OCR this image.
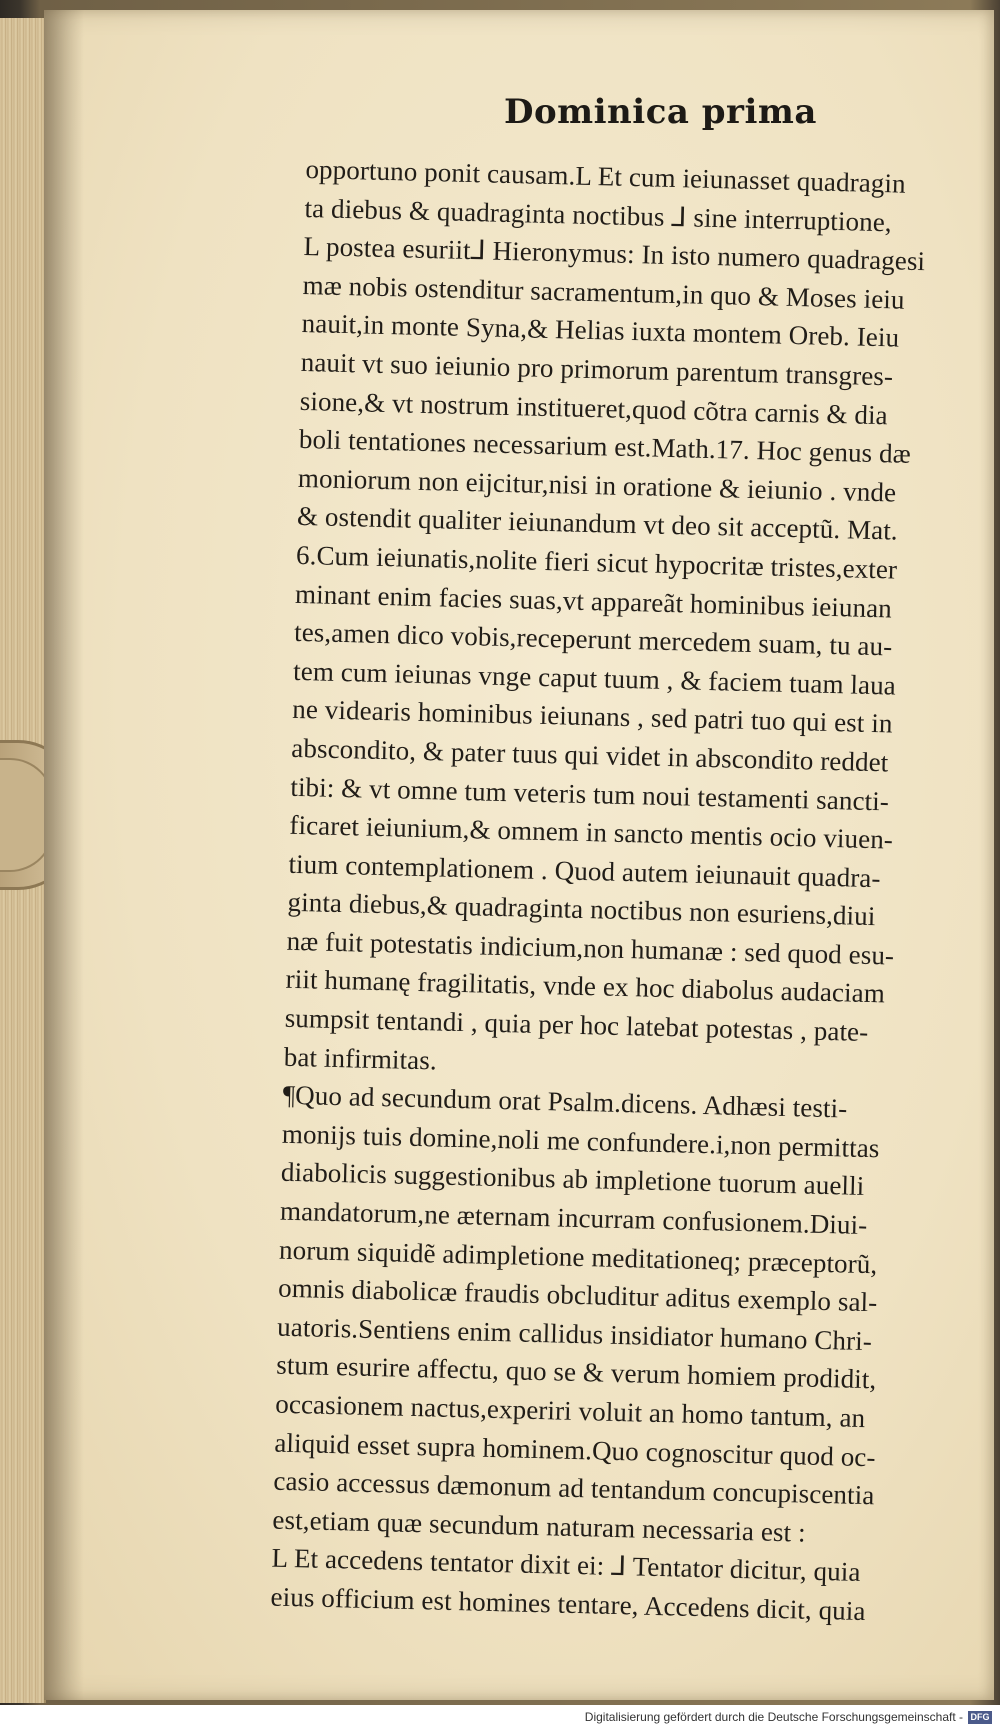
Dominica prima
opportuno ponit causam.L Et cum ieiunasset quadragin
ta diebus & quadraginta noctibus ⅃ sine interruptione,
L postea esuriit⅃ Hieronymus: In isto numero quadragesi
mæ nobis ostenditur sacramentum,in quo & Moses ieiu
nauit,in monte Syna,& Helias iuxta montem Oreb. Ieiu
nauit vt suo ieiunio pro primorum parentum transgres-
sione,& vt nostrum institueret,quod cõtra carnis & dia
boli tentationes necessarium est.Math.17. Hoc genus dæ
moniorum non eijcitur,nisi in oratione & ieiunio . vnde
& ostendit qualiter ieiunandum vt deo sit acceptũ. Mat.
6.Cum ieiunatis,nolite fieri sicut hypocritæ tristes,exter
minant enim facies suas,vt appareãt hominibus ieiunan
tes,amen dico vobis,receperunt mercedem suam, tu au-
tem cum ieiunas vnge caput tuum , & faciem tuam laua
ne videaris hominibus ieiunans , sed patri tuo qui est in
abscondito, & pater tuus qui videt in abscondito reddet
tibi: & vt omne tum veteris tum noui testamenti sancti-
ficaret ieiunium,& omnem in sancto mentis ocio viuen-
tium contemplationem . Quod autem ieiunauit quadra-
ginta diebus,& quadraginta noctibus non esuriens,diui
næ fuit potestatis indicium,non humanæ : sed quod esu-
riit humanę fragilitatis, vnde ex hoc diabolus audaciam
sumpsit tentandi , quia per hoc latebat potestas , pate-
bat infirmitas.
¶Quo ad secundum orat Psalm.dicens. Adhæsi testi-
monijs tuis domine,noli me confundere.i,non permittas
diabolicis suggestionibus ab impletione tuorum auelli
mandatorum,ne æternam incurram confusionem.Diui-
norum siquidẽ adimpletione meditationeq; præceptorũ,
omnis diabolicæ fraudis obcluditur aditus exemplo sal-
uatoris.Sentiens enim callidus insidiator humano Chri-
stum esurire affectu, quo se & verum homiem prodidit,
occasionem nactus,experiri voluit an homo tantum, an
aliquid esset supra hominem.Quo cognoscitur quod oc-
casio accessus dæmonum ad tentandum concupiscentia
est,etiam quæ secundum naturam necessaria est :
L Et accedens tentator dixit ei: ⅃ Tentator dicitur, quia
eius officium est homines tentare, Accedens dicit, quia
Digitalisierung gefördert durch die Deutsche Forschungsgemeinschaft - DFG
